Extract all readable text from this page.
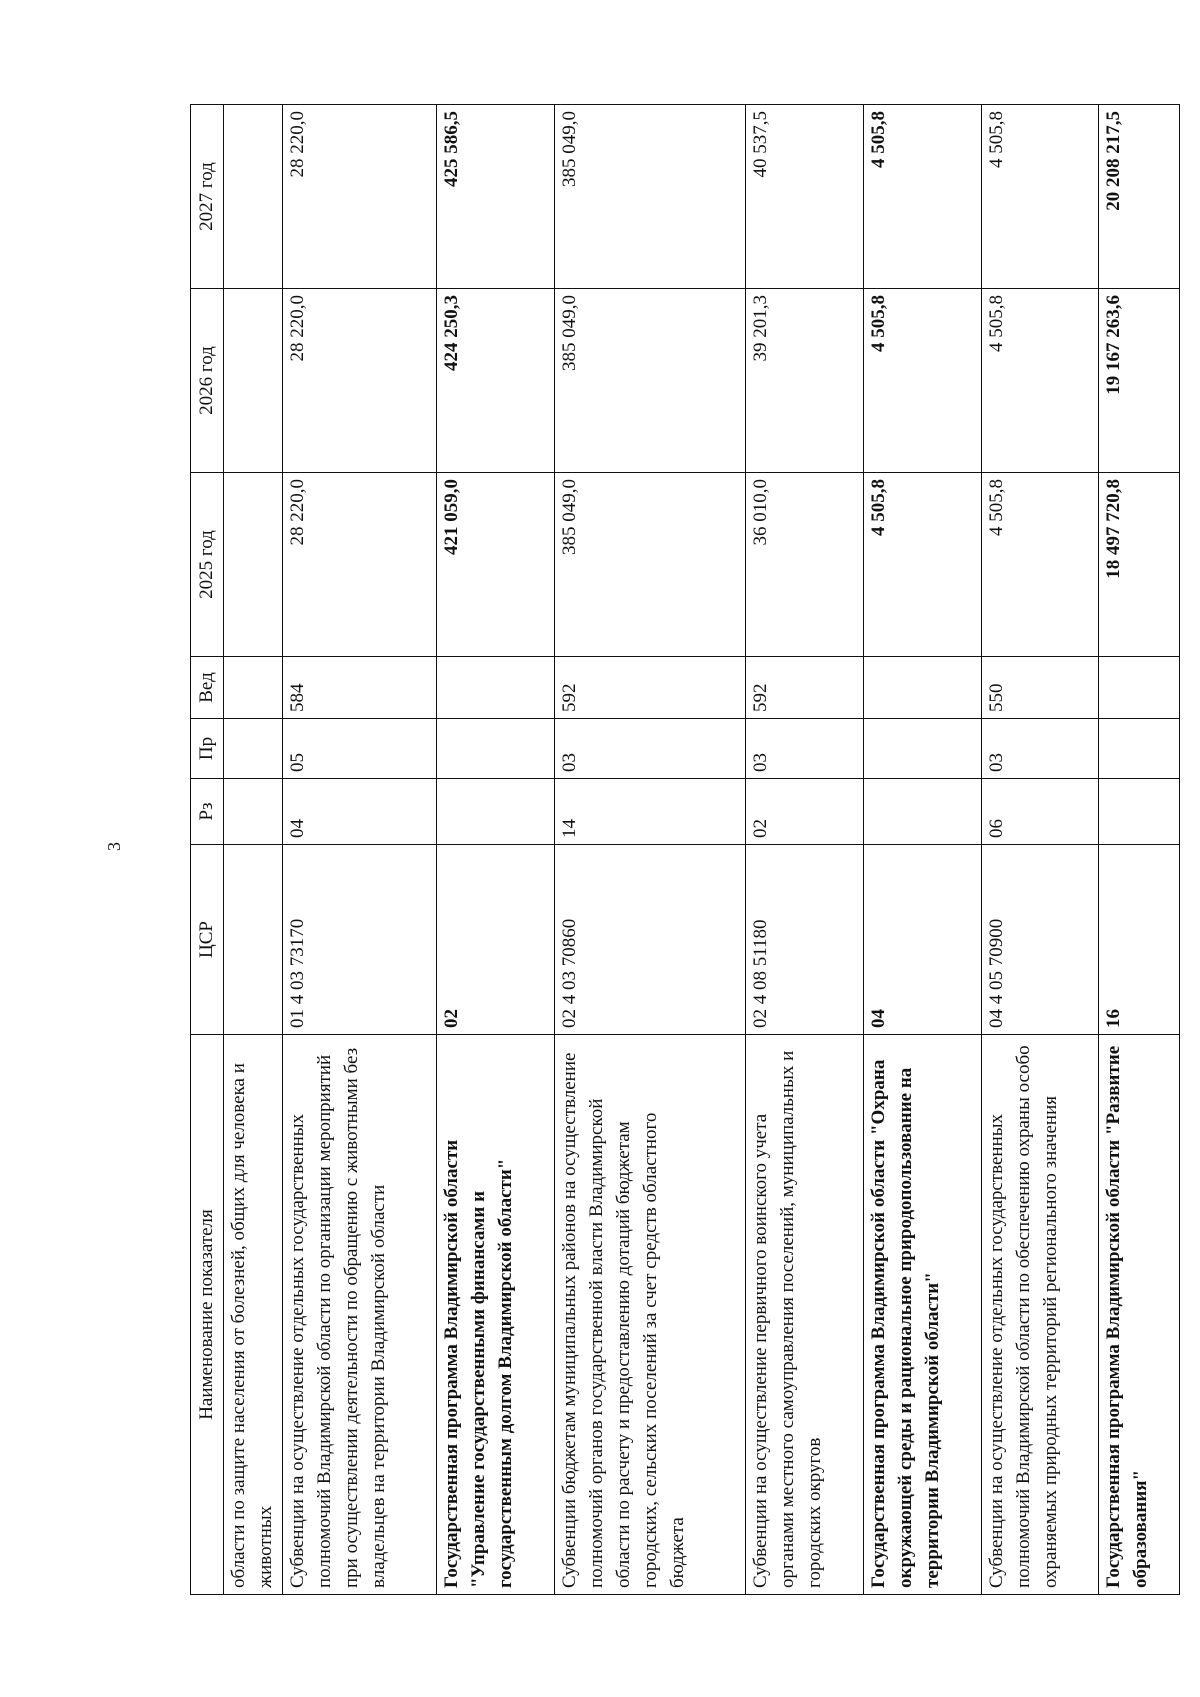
3
Наименование показателя	ЦСР	Рз	Пр	Вед	2025 год	2026 год	2027 год
области по защите населения от болезней, общих для человека и животных							
Субвенции на осуществление отдельных государственных полномочий Владимирской области по организации мероприятий при осуществлении деятельности по обращению с животными без владельцев на территории Владимирской области	01 4 03 73170	04	05	584	28 220,0	28 220,0	28 220,0
Государственная программа Владимирской области "Управление государственными финансами и государственным долгом Владимирской области"	02				421 059,0	424 250,3	425 586,5
Субвенции бюджетам муниципальных районов на осуществление полномочий органов государственной власти Владимирской области по расчету и предоставлению дотаций бюджетам городских, сельских поселений за счет средств областного бюджета	02 4 03 70860	14	03	592	385 049,0	385 049,0	385 049,0
Субвенции на осуществление первичного воинского учета органами местного самоуправления поселений, муниципальных и городских округов	02 4 08 51180	02	03	592	36 010,0	39 201,3	40 537,5
Государственная программа Владимирской области "Охрана окружающей среды и рациональное природопользование на территории Владимирской области"	04				4 505,8	4 505,8	4 505,8
Субвенции на осуществление отдельных государственных полномочий Владимирской области по обеспечению охраны особо охраняемых природных территорий регионального значения	04 4 05 70900	06	03	550	4 505,8	4 505,8	4 505,8
Государственная программа Владимирской области "Развитие образования"	16				18 497 720,8	19 167 263,6	20 208 217,5
